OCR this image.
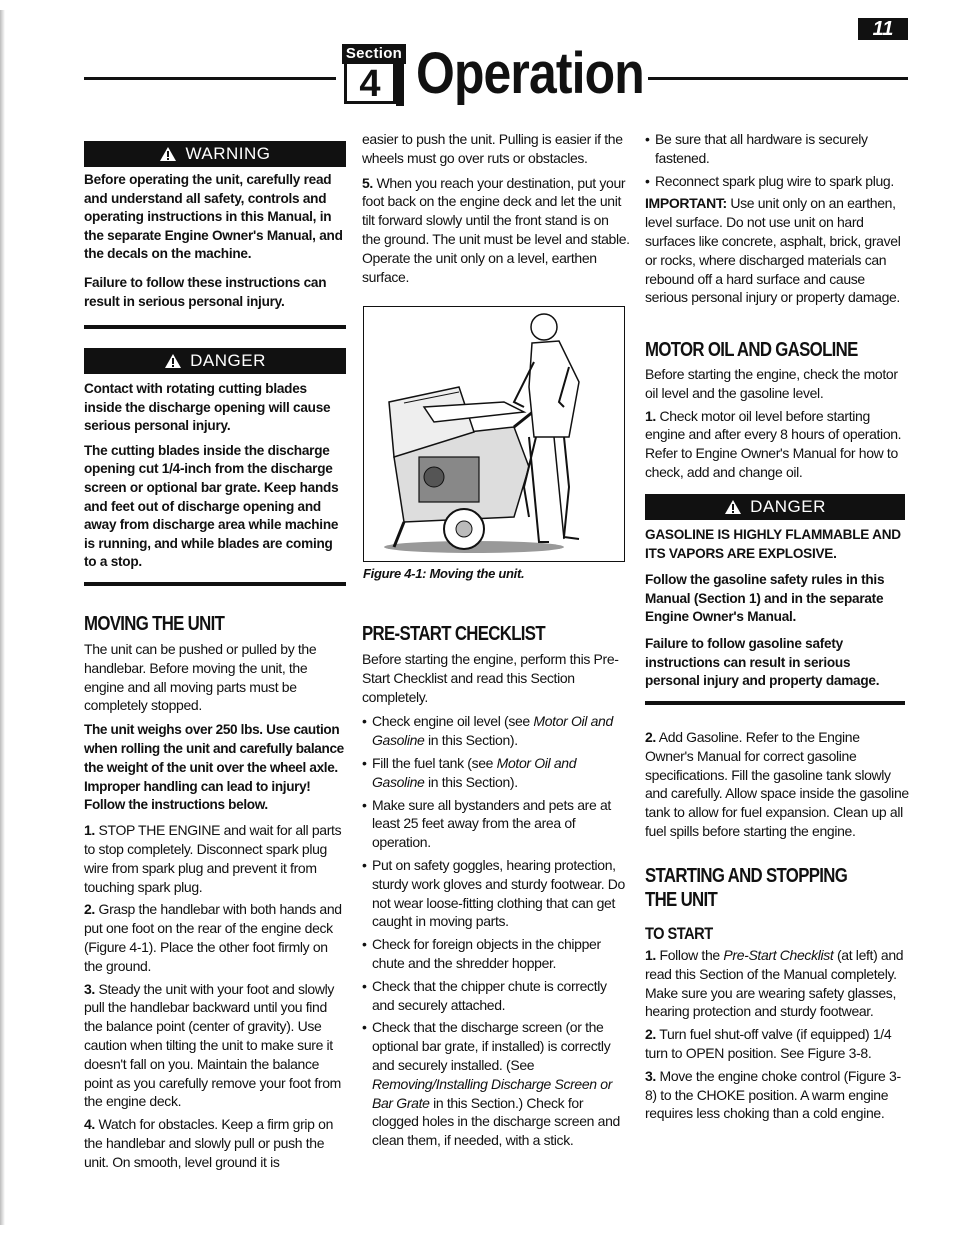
Section
4 Operation
11
WARNING

Before operating the unit, carefully read and understand all safety, controls and operating instructions in this Manual, in the separate Engine Owner's Manual, and the decals on the machine.

Failure to follow these instructions can result in serious personal injury.

DANGER

Contact with rotating cutting blades inside the discharge opening will cause serious personal injury.

The cutting blades inside the discharge opening cut 1/4-inch from the discharge screen or optional bar grate. Keep hands and feet out of discharge opening and away from discharge area while machine is running, and while blades are coming to a stop.

MOVING THE UNIT

The unit can be pushed or pulled by the handlebar. Before moving the unit, the engine and all moving parts must be completely stopped.

The unit weighs over 250 lbs. Use caution when rolling the unit and carefully balance the weight of the unit over the wheel axle. Improper handling can lead to injury! Follow the instructions below.

1. STOP THE ENGINE and wait for all parts to stop completely. Disconnect spark plug wire from spark plug and prevent it from touching spark plug.

2. Grasp the handlebar with both hands and put one foot on the rear of the engine deck (Figure 4-1). Place the other foot firmly on the ground.

3. Steady the unit with your foot and slowly pull the handlebar backward until you find the balance point (center of gravity). Use caution when tilting the unit to make sure it doesn't fall on you. Maintain the balance point as you carefully remove your foot from the engine deck.

4. Watch for obstacles. Keep a firm grip on the handlebar and slowly pull or push the unit. On smooth, level ground it is

easier to push the unit. Pulling is easier if the wheels must go over ruts or obstacles.

5. When you reach your destination, put your foot back on the engine deck and let the unit tilt forward slowly until the front stand is on the ground. The unit must be level and stable. Operate the unit only on a level, earthen surface.

Figure 4-1: Moving the unit.
PRE-START CHECKLIST

Before starting the engine, perform this Pre-Start Checklist and read this Section completely.

• Check engine oil level (see Motor Oil and Gasoline in this Section).
• Fill the fuel tank (see Motor Oil and Gasoline in this Section).
• Make sure all bystanders and pets are at least 25 feet away from the area of operation.
• Put on safety goggles, hearing protection, sturdy work gloves and sturdy footwear. Do not wear loose-fitting clothing that can get caught in moving parts.
• Check for foreign objects in the chipper chute and the shredder hopper.
• Check that the chipper chute is correctly and securely attached.
• Check that the discharge screen (or the optional bar grate, if installed) is correctly and securely installed. (See Removing/Installing Discharge Screen or Bar Grate in this Section.) Check for clogged holes in the discharge screen and clean them, if needed, with a stick.
• Be sure that all hardware is securely fastened.
• Reconnect spark plug wire to spark plug.

IMPORTANT: Use unit only on an earthen, level surface. Do not use unit on hard surfaces like concrete, asphalt, brick, gravel or rocks, where discharged materials can rebound off a hard surface and cause serious personal injury or property damage.

MOTOR OIL AND GASOLINE

Before starting the engine, check the motor oil level and the gasoline level.

1. Check motor oil level before starting engine and after every 8 hours of operation. Refer to Engine Owner's Manual for how to check, add and change oil.

DANGER

GASOLINE IS HIGHLY FLAMMABLE AND ITS VAPORS ARE EXPLOSIVE.

Follow the gasoline safety rules in this Manual (Section 1) and in the separate Engine Owner's Manual.

Failure to follow gasoline safety instructions can result in serious personal injury and property damage.

2. Add Gasoline. Refer to the Engine Owner's Manual for correct gasoline specifications. Fill the gasoline tank slowly and carefully. Allow space inside the gasoline tank to allow for fuel expansion. Clean up all fuel spills before starting the engine.

STARTING AND STOPPING
THE UNIT
TO START

1. Follow the Pre-Start Checklist (at left) and read this Section of the Manual completely. Make sure you are wearing safety glasses, hearing protection and sturdy footwear.

2. Turn fuel shut-off valve (if equipped) 1/4 turn to OPEN position. See Figure 3-8.

3. Move the engine choke control (Figure 3-8) to the CHOKE position. A warm engine requires less choking than a cold engine.
